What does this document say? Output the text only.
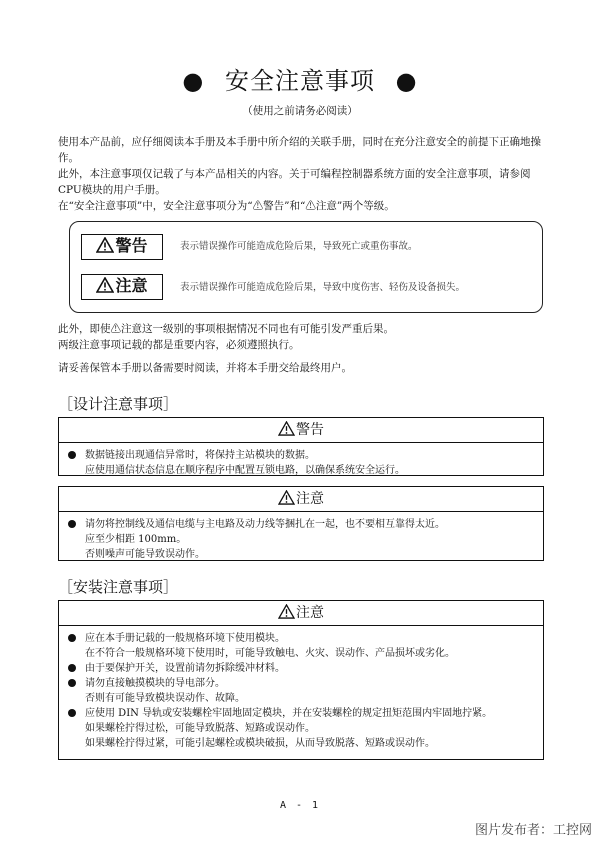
● 安全注意事项 ●
（使用之前请务必阅读）
使用本产品前，应仔细阅读本手册及本手册中所介绍的关联手册，同时在充分注意安全的前提下正确地操作。
此外，本注意事项仅记载了与本产品相关的内容。关于可编程控制器系统方面的安全注意事项，请参阅 CPU模块的用户手册。
在“安全注意事项”中，安全注意事项分为“⚠警告”和“⚠注意”两个等级。
警告	表示错误操作可能造成危险后果，导致死亡或重伤事故。
注意	表示错误操作可能造成危险后果，导致中度伤害、轻伤及设备损失。
此外，即使⚠注意这一级别的事项根据情况不同也有可能引发严重后果。
两级注意事项记载的都是重要内容，必须遵照执行。
请妥善保管本手册以备需要时阅读，并将本手册交给最终用户。
［设计注意事项］
警告
数据链接出现通信异常时，将保持主站模块的数据。
应使用通信状态信息在顺序程序中配置互锁电路，以确保系统安全运行。
注意
请勿将控制线及通信电缆与主电路及动力线等捆扎在一起，也不要相互靠得太近。
应至少相距 100mm。
否则噪声可能导致误动作。
［安装注意事项］
注意
应在本手册记载的一般规格环境下使用模块。
在不符合一般规格环境下使用时，可能导致触电、火灾、误动作、产品损坏或劣化。
由于要保护开关，设置前请勿拆除缓冲材料。
请勿直接触摸模块的导电部分。
否则有可能导致模块误动作、故障。
应使用 DIN 导轨或安装螺栓牢固地固定模块，并在安装螺栓的规定扭矩范围内牢固地拧紧。
如果螺栓拧得过松，可能导致脱落、短路或误动作。
如果螺栓拧得过紧，可能引起螺栓或模块破损，从而导致脱落、短路或误动作。
A - 1
图片发布者：工控网
